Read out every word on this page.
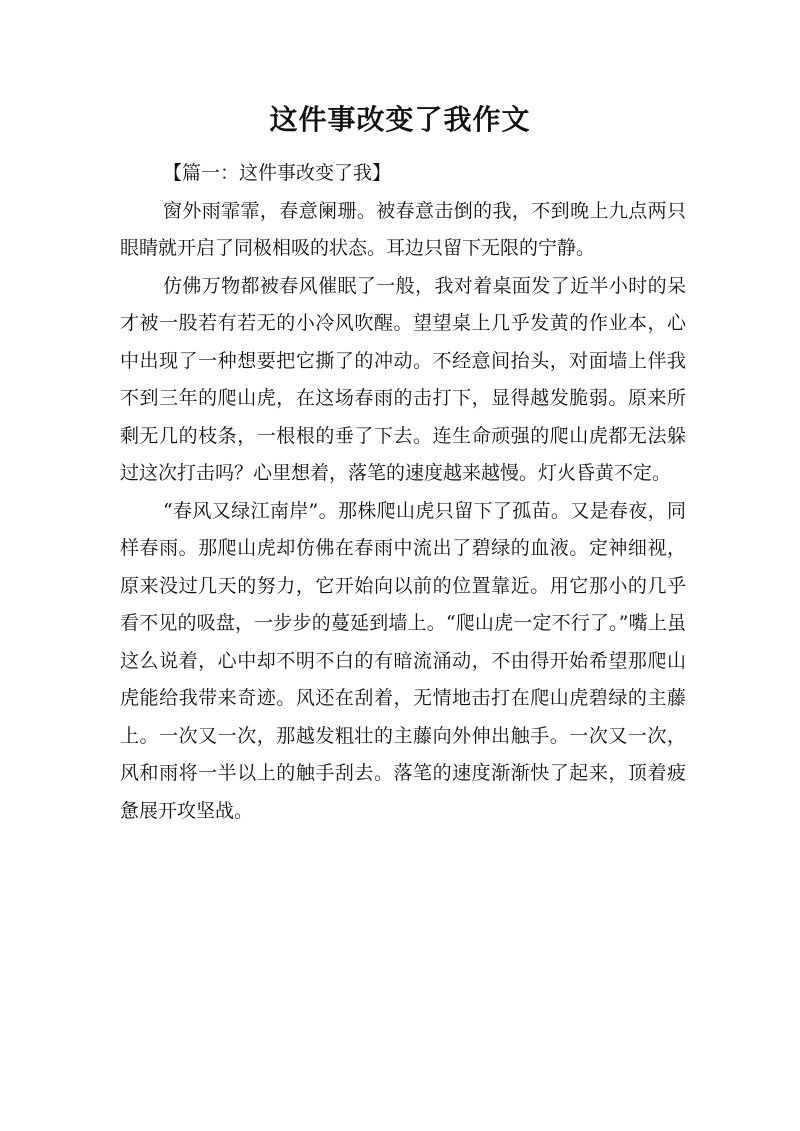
这件事改变了我作文

【篇一：这件事改变了我】

窗外雨霏霏，春意阑珊。被春意击倒的我，不到晚上九点两只眼睛就开启了同极相吸的状态。耳边只留下无限的宁静。

仿佛万物都被春风催眠了一般，我对着桌面发了近半小时的呆才被一股若有若无的小冷风吹醒。望望桌上几乎发黄的作业本，心中出现了一种想要把它撕了的冲动。不经意间抬头，对面墙上伴我不到三年的爬山虎，在这场春雨的击打下，显得越发脆弱。原来所剩无几的枝条，一根根的垂了下去。连生命顽强的爬山虎都无法躲过这次打击吗？心里想着，落笔的速度越来越慢。灯火昏黄不定。

“春风又绿江南岸”。那株爬山虎只留下了孤苗。又是春夜，同样春雨。那爬山虎却仿佛在春雨中流出了碧绿的血液。定神细视，原来没过几天的努力，它开始向以前的位置靠近。用它那小的几乎看不见的吸盘，一步步的蔓延到墙上。“爬山虎一定不行了。”嘴上虽这么说着，心中却不明不白的有暗流涌动，不由得开始希望那爬山虎能给我带来奇迹。风还在刮着，无情地击打在爬山虎碧绿的主藤上。一次又一次，那越发粗壮的主藤向外伸出触手。一次又一次，风和雨将一半以上的触手刮去。落笔的速度渐渐快了起来，顶着疲惫展开攻坚战。
